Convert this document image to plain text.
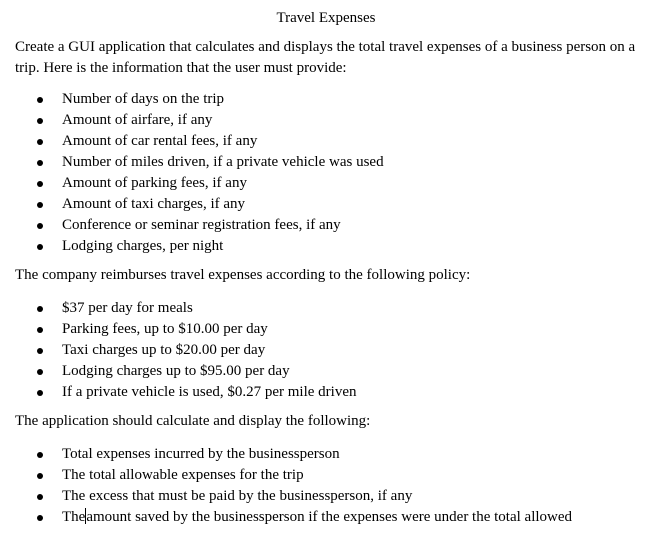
Travel Expenses

Create a GUI application that calculates and displays the total travel expenses of a business person on a trip. Here is the information that the user must provide:

Number of days on the trip
Amount of airfare, if any
Amount of car rental fees, if any
Number of miles driven, if a private vehicle was used
Amount of parking fees, if any
Amount of taxi charges, if any
Conference or seminar registration fees, if any
Lodging charges, per night

The company reimburses travel expenses according to the following policy:

$37 per day for meals
Parking fees, up to $10.00 per day
Taxi charges up to $20.00 per day
Lodging charges up to $95.00 per day
If a private vehicle is used, $0.27 per mile driven

The application should calculate and display the following:

Total expenses incurred by the businessperson
The total allowable expenses for the trip
The excess that must be paid by the businessperson, if any
Theamount saved by the businessperson if the expenses were under the total allowed
